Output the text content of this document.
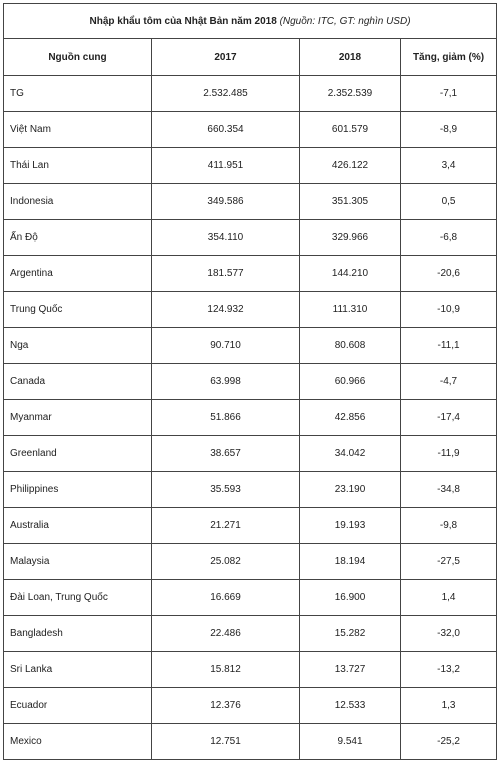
Nhập khẩu tôm của Nhật Bản năm 2018 (Nguồn: ITC, GT: nghìn USD)			
Nguồn cung	2017	2018	Tăng, giảm (%)
TG	2.532.485	2.352.539	-7,1
Việt Nam	660.354	601.579	-8,9
Thái Lan	411.951	426.122	3,4
Indonesia	349.586	351.305	0,5
Ấn Độ	354.110	329.966	-6,8
Argentina	181.577	144.210	-20,6
Trung Quốc	124.932	111.310	-10,9
Nga	90.710	80.608	-11,1
Canada	63.998	60.966	-4,7
Myanmar	51.866	42.856	-17,4
Greenland	38.657	34.042	-11,9
Philippines	35.593	23.190	-34,8
Australia	21.271	19.193	-9,8
Malaysia	25.082	18.194	-27,5
Đài Loan, Trung Quốc	16.669	16.900	1,4
Bangladesh	22.486	15.282	-32,0
Sri Lanka	15.812	13.727	-13,2
Ecuador	12.376	12.533	1,3
Mexico	12.751	9.541	-25,2
